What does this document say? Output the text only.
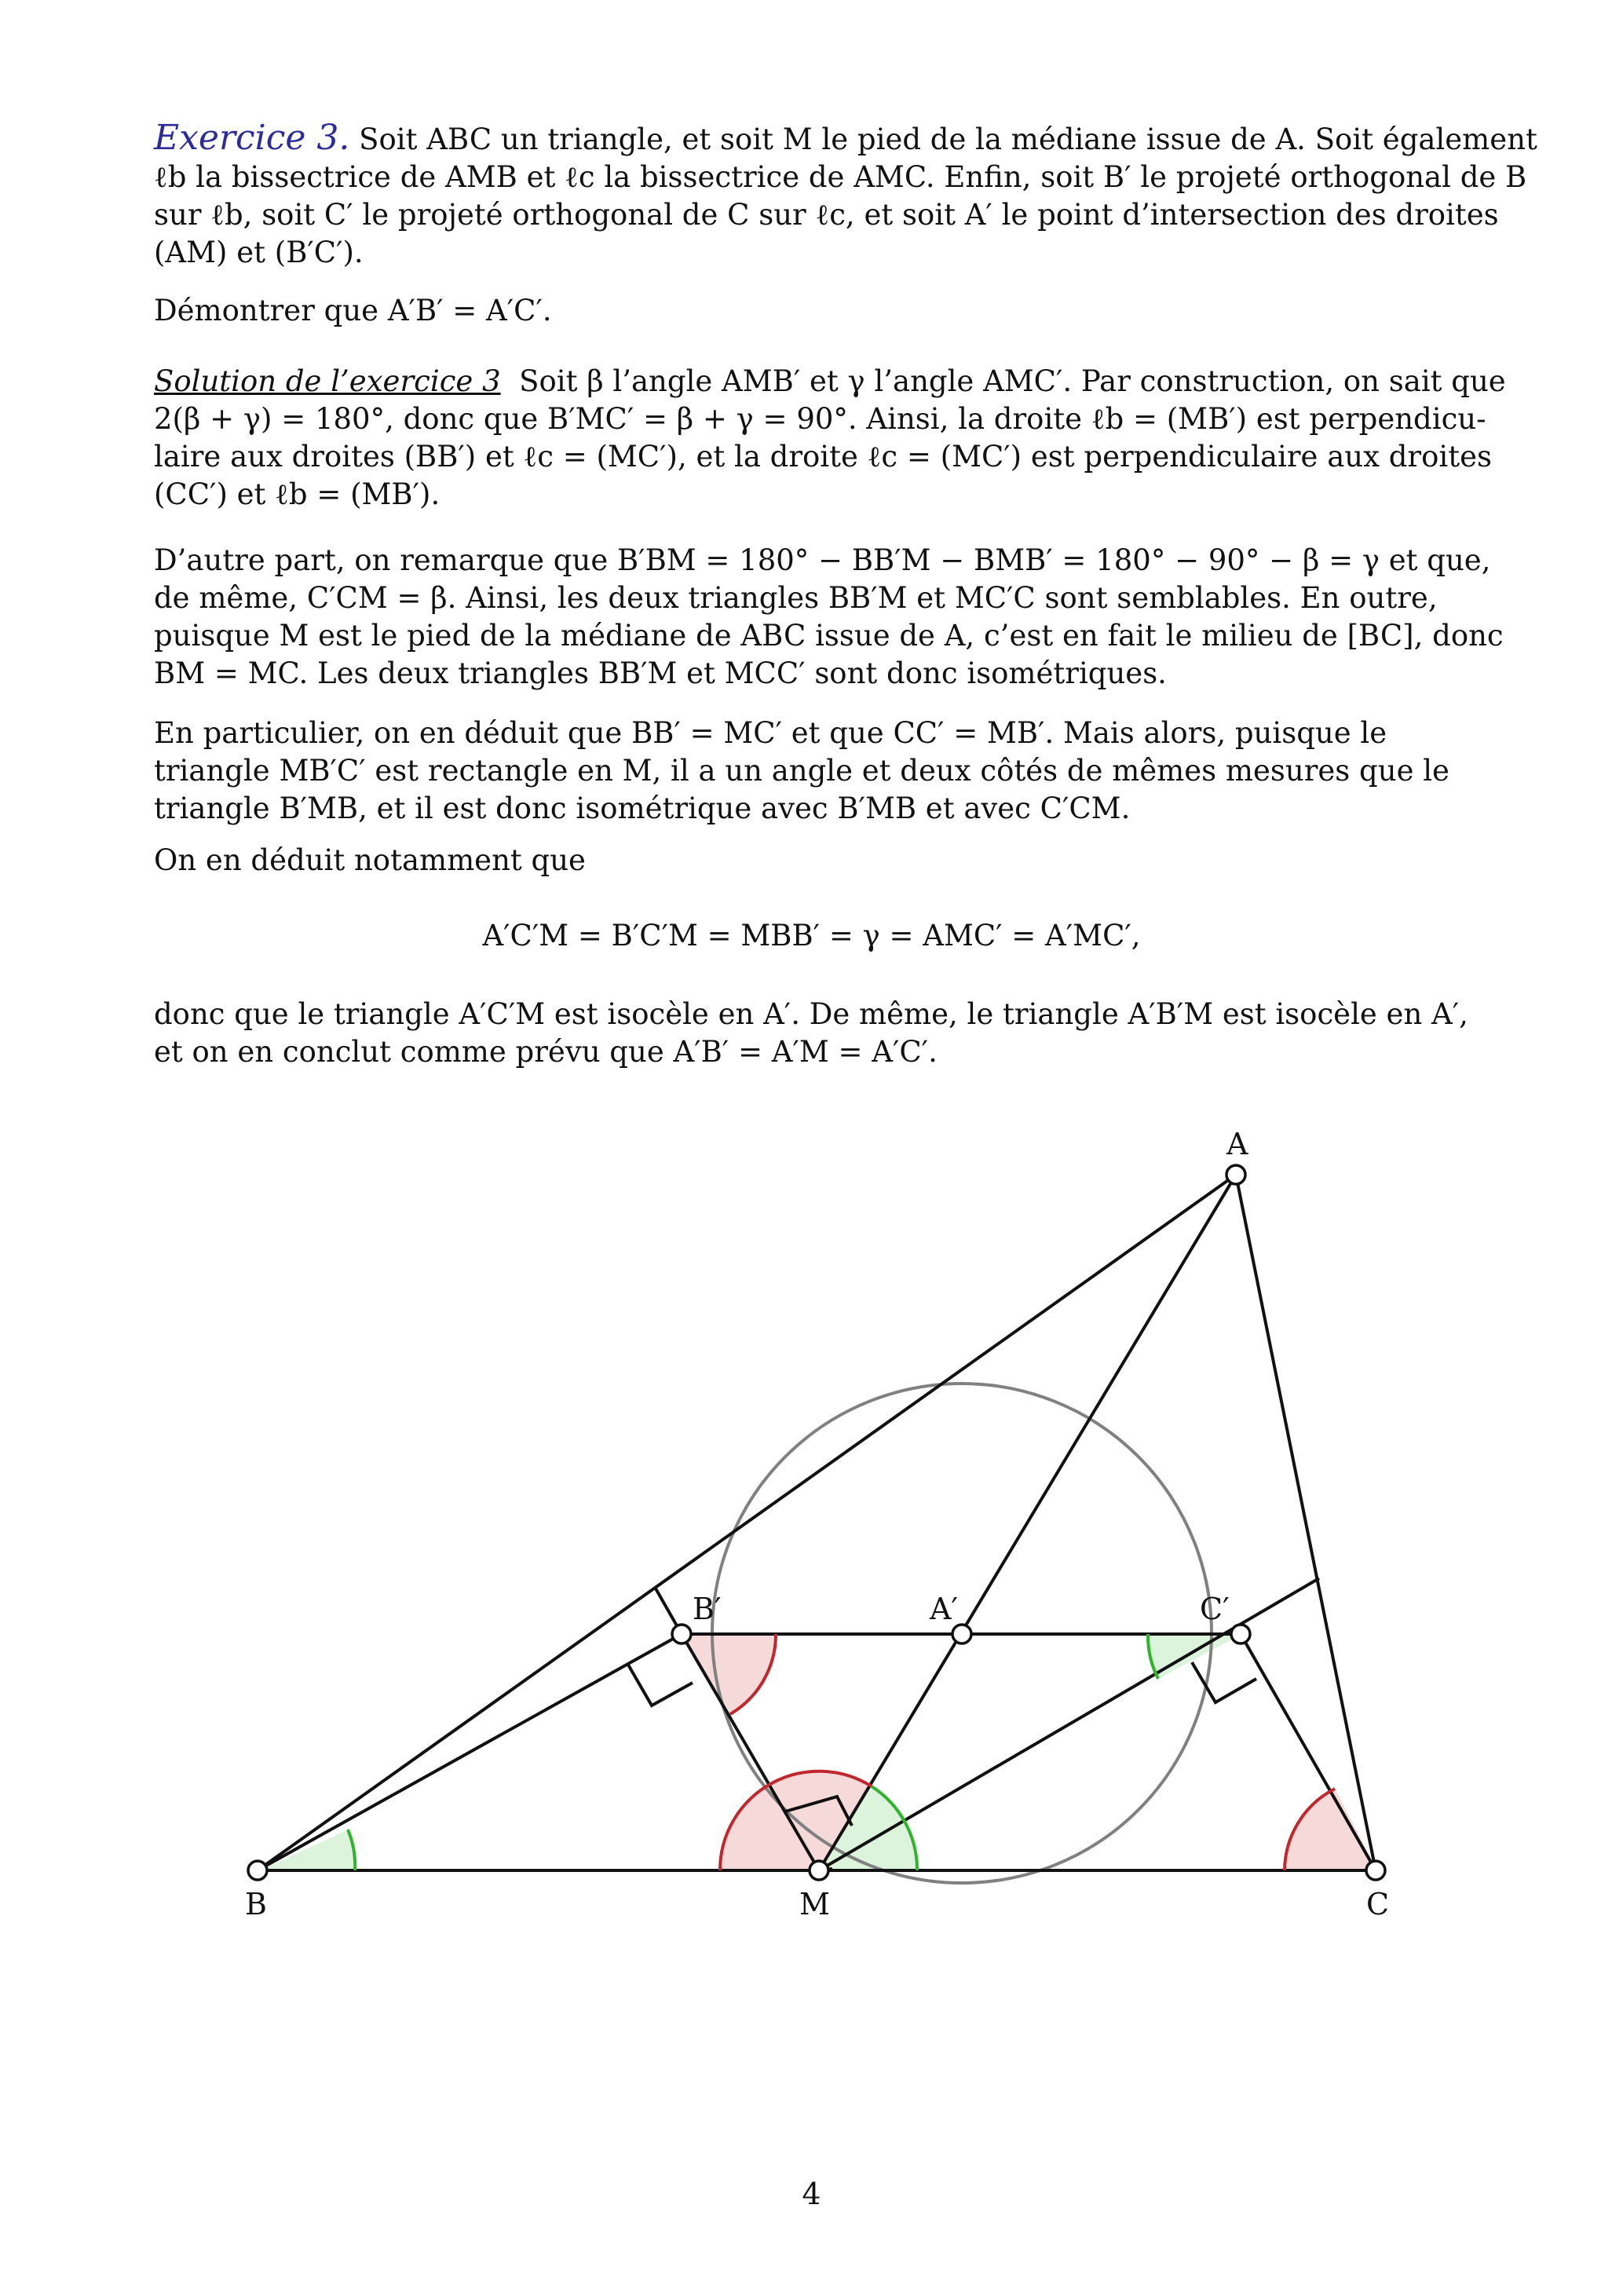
Exercice 3. Soit ABC un triangle, et soit M le pied de la médiane issue de A. Soit également
ℓb la bissectrice de AMB et ℓc la bissectrice de AMC. Enfin, soit B′ le projeté orthogonal de B
sur ℓb, soit C′ le projeté orthogonal de C sur ℓc, et soit A′ le point d’intersection des droites
(AM) et (B′C′).
Démontrer que A′B′ = A′C′.
Solution de l’exercice 3 Soit β l’angle AMB′ et γ l’angle AMC′. Par construction, on sait que
2(β + γ) = 180°, donc que B′MC′ = β + γ = 90°. Ainsi, la droite ℓb = (MB′) est perpendicu-
laire aux droites (BB′) et ℓc = (MC′), et la droite ℓc = (MC′) est perpendiculaire aux droites
(CC′) et ℓb = (MB′).
D’autre part, on remarque que B′BM = 180° − BB′M − BMB′ = 180° − 90° − β = γ et que,
de même, C′CM = β. Ainsi, les deux triangles BB′M et MC′C sont semblables. En outre,
puisque M est le pied de la médiane de ABC issue de A, c’est en fait le milieu de [BC], donc
BM = MC. Les deux triangles BB′M et MCC′ sont donc isométriques.
En particulier, on en déduit que BB′ = MC′ et que CC′ = MB′. Mais alors, puisque le
triangle MB′C′ est rectangle en M, il a un angle et deux côtés de mêmes mesures que le
triangle B′MB, et il est donc isométrique avec B′MB et avec C′CM.
On en déduit notamment que
A′C′M = B′C′M = MBB′ = γ = AMC′ = A′MC′,
donc que le triangle A′C′M est isocèle en A′. De même, le triangle A′B′M est isocèle en A′,
et on en conclut comme prévu que A′B′ = A′M = A′C′.
A
B	C
M
B′	A′	C′
4
